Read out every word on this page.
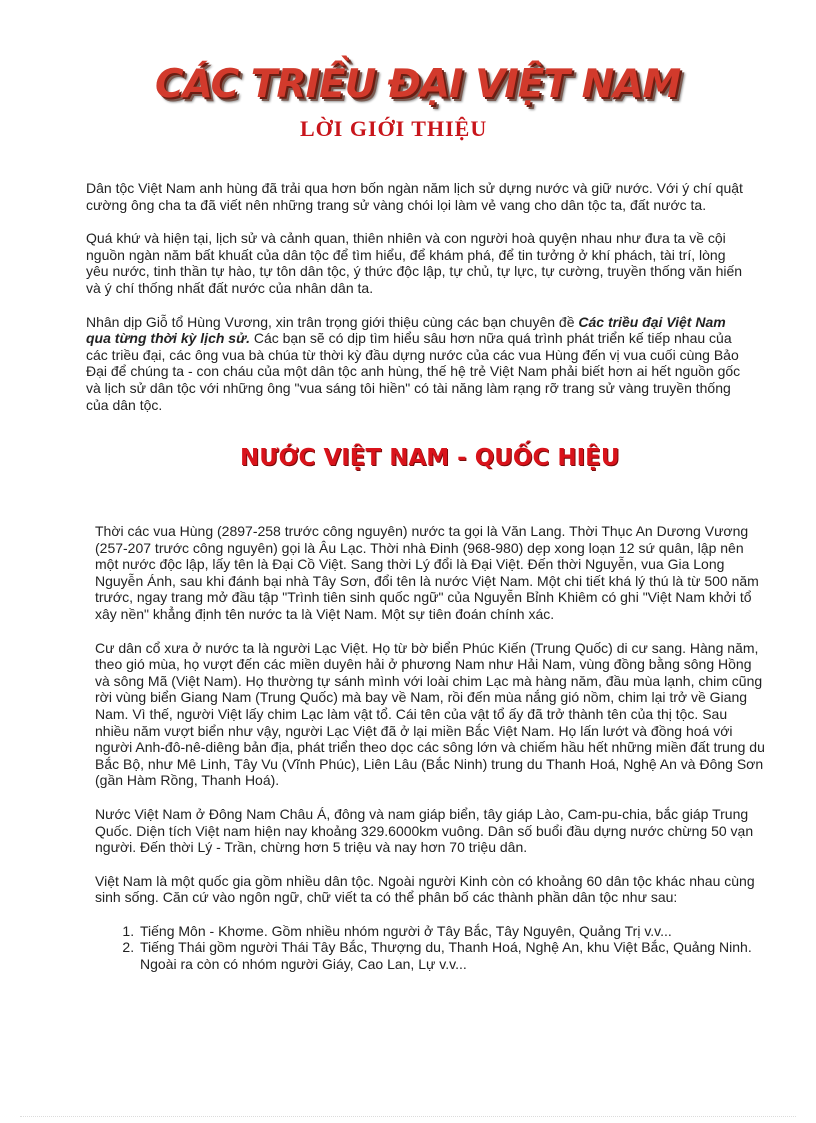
CÁC TRIỀU ĐẠI VIỆT NAM
LỜI GIỚI THIỆU

Dân tộc Việt Nam anh hùng đã trải qua hơn bốn ngàn năm lịch sử dựng nước và giữ nước. Với ý chí quật cường ông cha ta đã viết nên những trang sử vàng chói lọi làm vẻ vang cho dân tộc ta, đất nước ta.

Quá khứ và hiện tại, lịch sử và cảnh quan, thiên nhiên và con người hoà quyện nhau như đưa ta về cội nguồn ngàn năm bất khuất của dân tộc để tìm hiểu, để khám phá, để tin tưởng ở khí phách, tài trí, lòng yêu nước, tinh thần tự hào, tự tôn dân tộc, ý thức độc lập, tự chủ, tự lực, tự cường, truyền thống văn hiến và ý chí thống nhất đất nước của nhân dân ta.

Nhân dịp Giỗ tổ Hùng Vương, xin trân trọng giới thiệu cùng các bạn chuyên đề Các triều đại Việt Nam qua từng thời kỳ lịch sử. Các bạn sẽ có dịp tìm hiểu sâu hơn nữa quá trình phát triển kế tiếp nhau của các triều đại, các ông vua bà chúa từ thời kỳ đầu dựng nước của các vua Hùng đến vị vua cuối cùng Bảo Đại để chúng ta - con cháu của một dân tộc anh hùng, thế hệ trẻ Việt Nam phải biết hơn ai hết nguồn gốc và lịch sử dân tộc với những ông "vua sáng tôi hiền" có tài năng làm rạng rỡ trang sử vàng truyền thống của dân tộc.

NƯỚC VIỆT NAM - QUỐC HIỆU

Thời các vua Hùng (2897-258 trước công nguyên) nước ta gọi là Văn Lang. Thời Thục An Dương Vương (257-207 trước công nguyên) gọi là Âu Lạc. Thời nhà Đinh (968-980) dẹp xong loạn 12 sứ quân, lập nên một nước độc lập, lấy tên là Đại Cồ Việt. Sang thời Lý đổi là Đại Việt. Đến thời Nguyễn, vua Gia Long Nguyễn Ánh, sau khi đánh bại nhà Tây Sơn, đổi tên là nước Việt Nam. Một chi tiết khá lý thú là từ 500 năm trước, ngay trang mở đầu tập "Trình tiên sinh quốc ngữ" của Nguyễn Bỉnh Khiêm có ghi "Việt Nam khởi tổ xây nền" khẳng định tên nước ta là Việt Nam. Một sự tiên đoán chính xác.

Cư dân cổ xưa ở nước ta là người Lạc Việt. Họ từ bờ biển Phúc Kiến (Trung Quốc) di cư sang. Hàng năm, theo gió mùa, họ vượt đến các miền duyên hải ở phương Nam như Hải Nam, vùng đồng bằng sông Hồng và sông Mã (Việt Nam). Họ thường tự sánh mình với loài chim Lạc mà hàng năm, đầu mùa lạnh, chim cũng rời vùng biển Giang Nam (Trung Quốc) mà bay về Nam, rồi đến mùa nắng gió nồm, chim lại trở về Giang Nam. Vì thế, người Việt lấy chim Lạc làm vật tổ. Cái tên của vật tổ ấy đã trở thành tên của thị tộc. Sau nhiều năm vượt biển như vậy, người Lạc Việt đã ở lại miền Bắc Việt Nam. Họ lấn lướt và đồng hoá với người Anh-đô-nê-diêng bản địa, phát triển theo dọc các sông lớn và chiếm hầu hết những miền đất trung du Bắc Bộ, như Mê Linh, Tây Vu (Vĩnh Phúc), Liên Lâu (Bắc Ninh) trung du Thanh Hoá, Nghệ An và Đông Sơn (gần Hàm Rồng, Thanh Hoá).

Nước Việt Nam ở Đông Nam Châu Á, đông và nam giáp biển, tây giáp Lào, Cam-pu-chia, bắc giáp Trung Quốc. Diện tích Việt nam hiện nay khoảng 329.6000km vuông. Dân số buổi đầu dựng nước chừng 50 vạn người. Đến thời Lý - Trần, chừng hơn 5 triệu và nay hơn 70 triệu dân.

Việt Nam là một quốc gia gồm nhiều dân tộc. Ngoài người Kinh còn có khoảng 60 dân tộc khác nhau cùng sinh sống. Căn cứ vào ngôn ngữ, chữ viết ta có thể phân bố các thành phần dân tộc như sau:

1. Tiếng Môn - Khơme. Gồm nhiều nhóm người ở Tây Bắc, Tây Nguyên, Quảng Trị v.v...
2. Tiếng Thái gồm người Thái Tây Bắc, Thượng du, Thanh Hoá, Nghệ An, khu Việt Bắc, Quảng Ninh. Ngoài ra còn có nhóm người Giáy, Cao Lan, Lự v.v...
